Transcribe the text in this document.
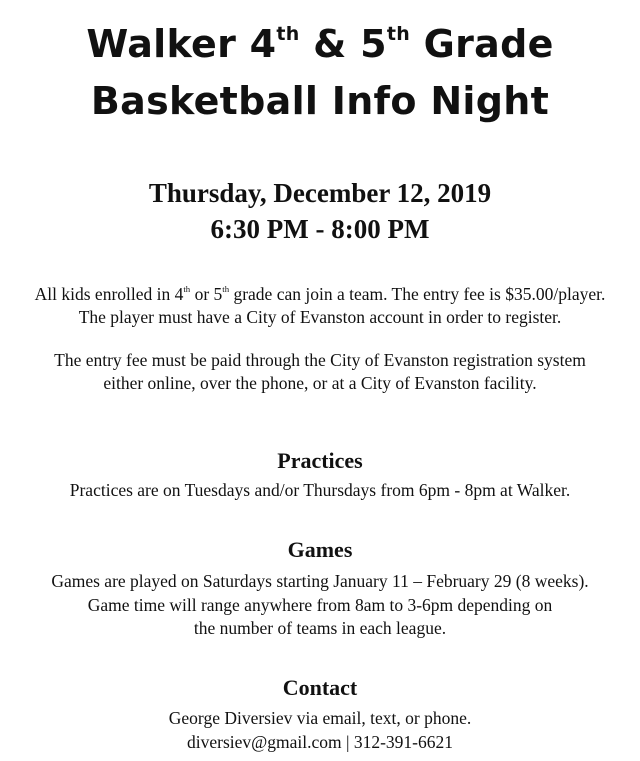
Walker 4th & 5th Grade
Basketball Info Night
Thursday, December 12, 2019
6:30 PM - 8:00 PM
All kids enrolled in 4th or 5th grade can join a team. The entry fee is $35.00/player.
The player must have a City of Evanston account in order to register.
The entry fee must be paid through the City of Evanston registration system
either online, over the phone, or at a City of Evanston facility.
Practices
Practices are on Tuesdays and/or Thursdays from 6pm - 8pm at Walker.
Games
Games are played on Saturdays starting January 11 – February 29 (8 weeks).
Game time will range anywhere from 8am to 3-6pm depending on
the number of teams in each league.
Contact
George Diversiev via email, text, or phone.
diversiev@gmail.com | 312-391-6621
